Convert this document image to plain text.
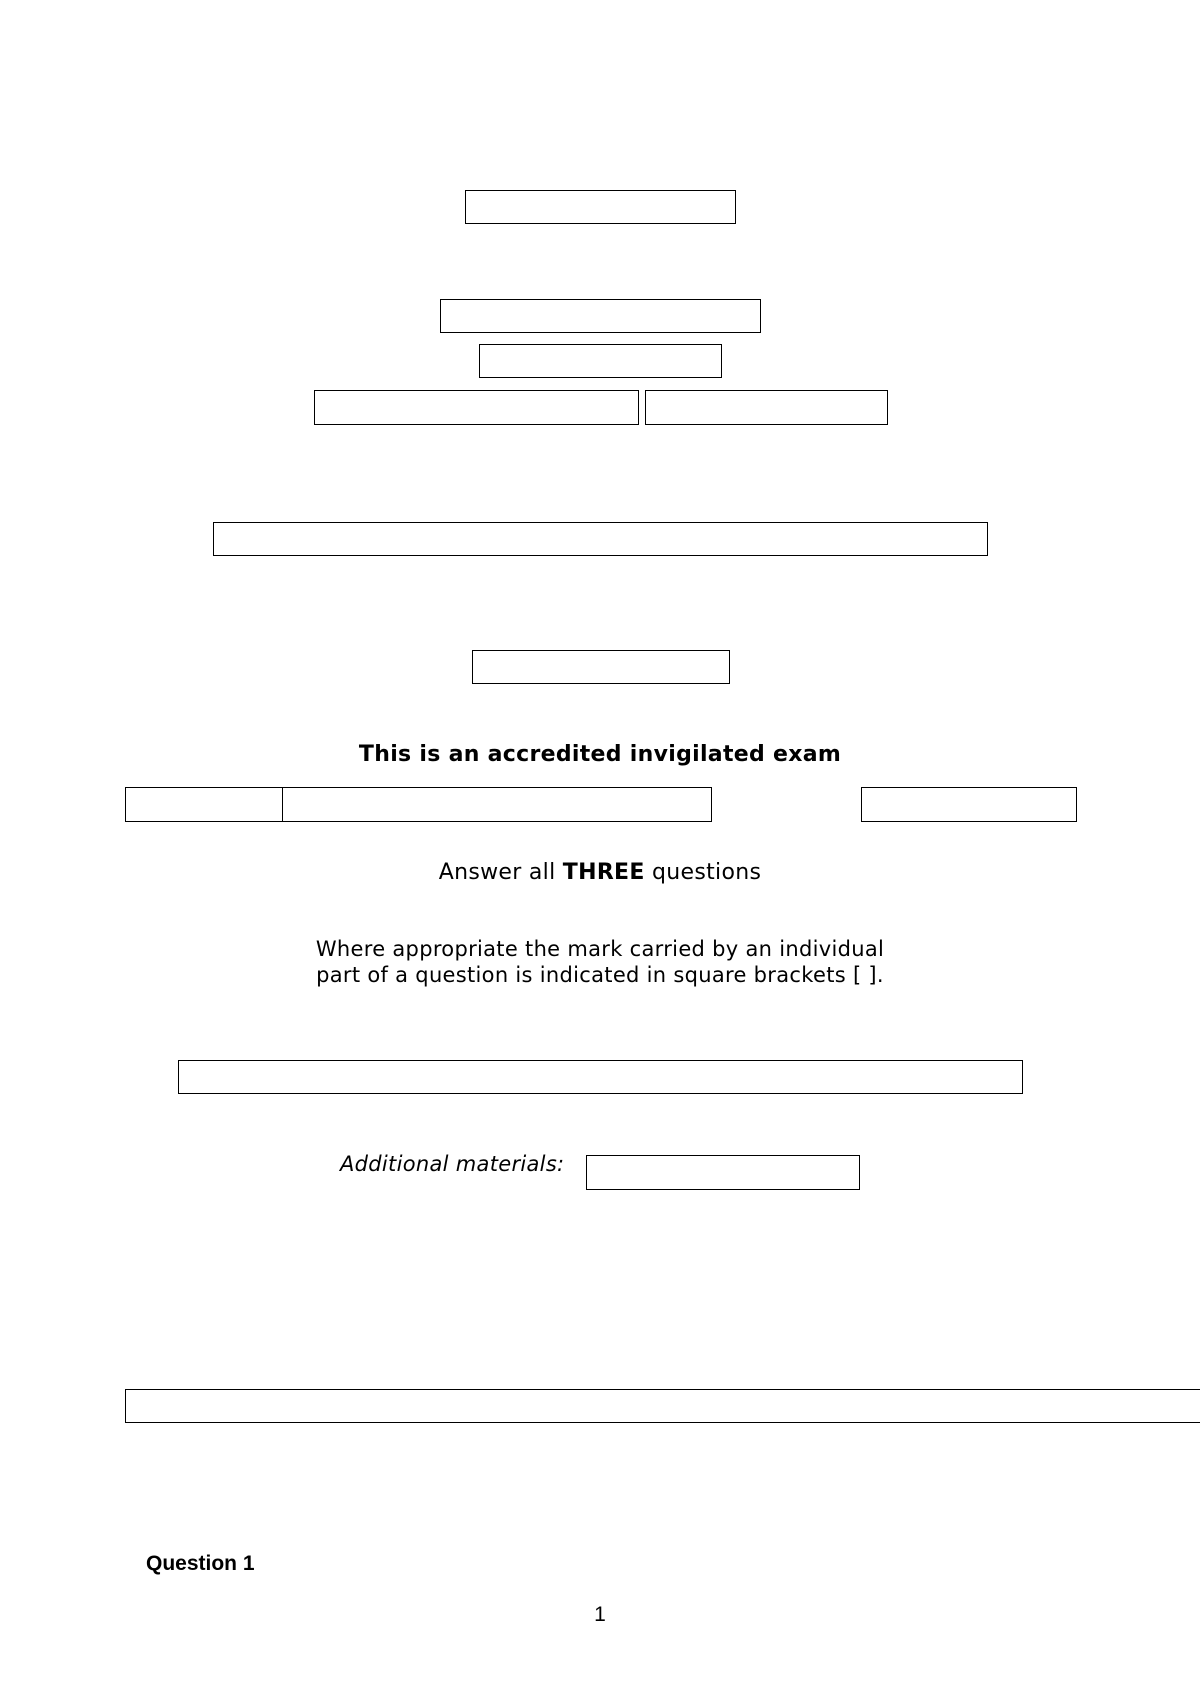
This is an accredited invigilated exam
Answer all THREE questions
Where appropriate the mark carried by an individual
part of a question is indicated in square brackets [ ].
Additional materials:
Question 1
1
